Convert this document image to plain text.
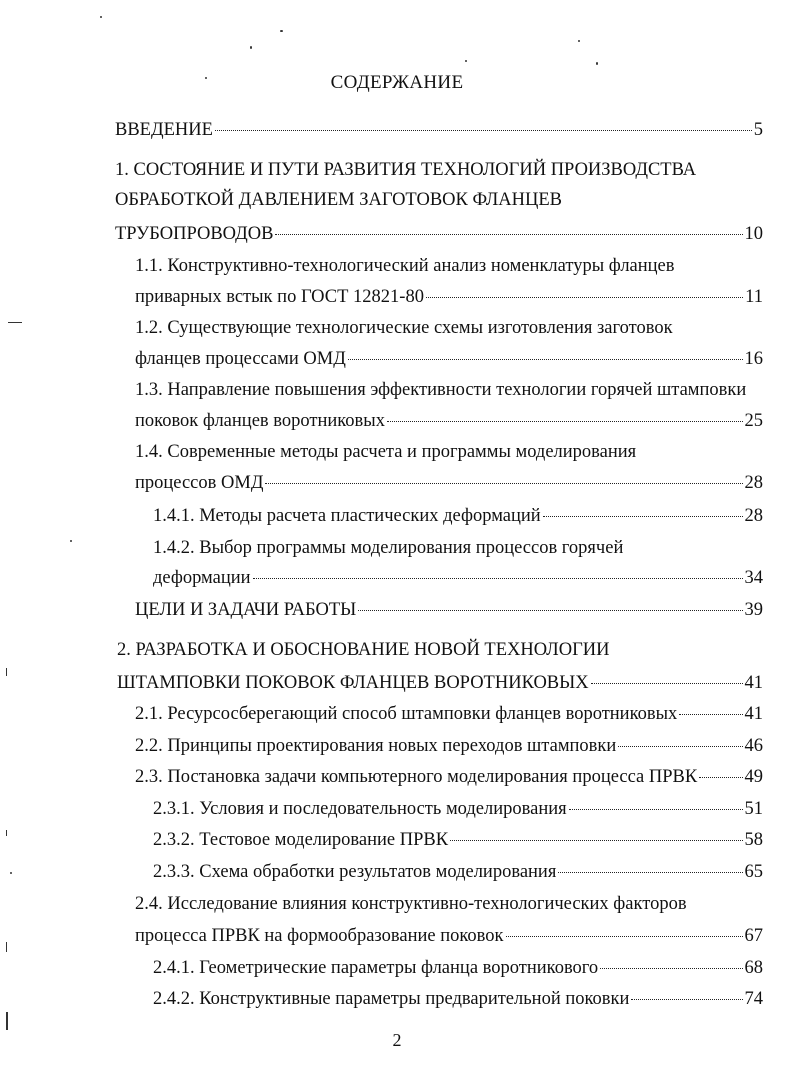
СОДЕРЖАНИЕ
ВВЕДЕНИЕ	5
1. СОСТОЯНИЕ И ПУТИ РАЗВИТИЯ ТЕХНОЛОГИЙ ПРОИЗВОДСТВА
ОБРАБОТКОЙ ДАВЛЕНИЕМ ЗАГОТОВОК ФЛАНЦЕВ
ТРУБОПРОВОДОВ	10
1.1. Конструктивно-технологический анализ номенклатуры фланцев
приварных встык по ГОСТ 12821-80	11
1.2. Существующие технологические схемы изготовления заготовок
фланцев процессами ОМД	16
1.3. Направление повышения эффективности технологии горячей штамповки
поковок фланцев воротниковых	25
1.4. Современные методы расчета и программы моделирования
процессов ОМД	28
1.4.1. Методы расчета пластических деформаций	28
1.4.2. Выбор программы моделирования процессов горячей
деформации	34
ЦЕЛИ И ЗАДАЧИ РАБОТЫ	39
2. РАЗРАБОТКА И ОБОСНОВАНИЕ НОВОЙ ТЕХНОЛОГИИ
ШТАМПОВКИ ПОКОВОК ФЛАНЦЕВ ВОРОТНИКОВЫХ	41
2.1. Ресурсосберегающий способ штамповки фланцев воротниковых	41
2.2. Принципы проектирования новых переходов штамповки	46
2.3. Постановка задачи компьютерного моделирования процесса ПРВК	49
2.3.1. Условия и последовательность моделирования	51
2.3.2. Тестовое моделирование ПРВК	58
2.3.3. Схема обработки результатов моделирования	65
2.4. Исследование влияния конструктивно-технологических факторов
процесса ПРВК на формообразование поковок	67
2.4.1. Геометрические параметры фланца воротникового	68
2.4.2. Конструктивные параметры предварительной поковки	74
2
